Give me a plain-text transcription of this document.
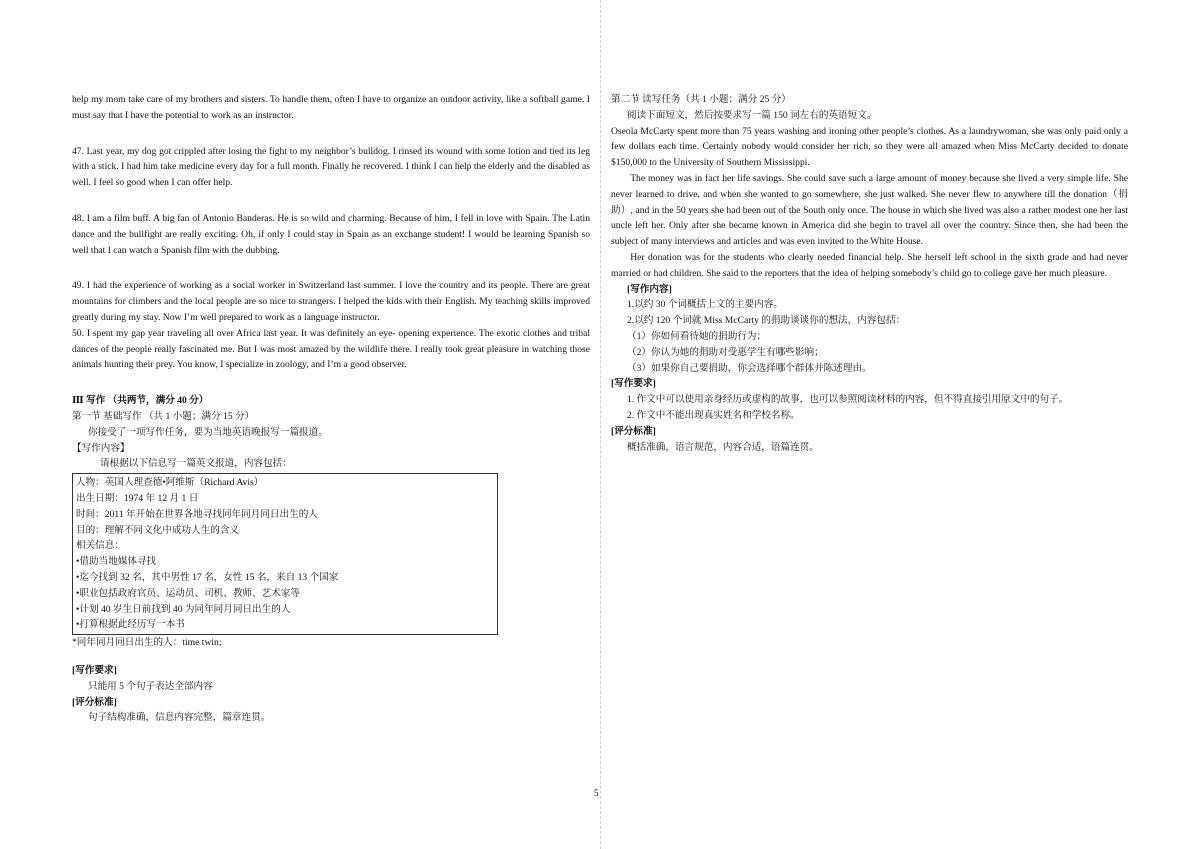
help my mom take care of my brothers and sisters. To handle them, often I have to organize an outdoor activity, like a softball game. I must say that I have the potential to work as an instructor.

47. Last year, my dog got crippled after losing the fight to my neighbor’s bulldog. I rinsed its wound with some lotion and tied its leg with a stick. I had him take medicine every day for a full month. Finally he recovered. I think I can help the elderly and the disabled as well. I feel so good when I can offer help.

48. I am a film buff. A big fan of Antonio Banderas. He is so wild and charming. Because of him, I fell in love with Spain. The Latin dance and the bullfight are really exciting. Oh, if only I could stay in Spain as an exchange student! I would be learning Spanish so well that I can watch a Spanish film with the dubbing.

49. I had the experience of working as a social worker in Switzerland last summer. I love the country and its people. There are great mountains for climbers and the local people are so nice to strangers. I helped the kids with their English. My teaching skills improved greatly during my stay. Now I’m well prepared to work as a language instructor.

50. I spent my gap year traveling all over Africa last year. It was definitely an eye- opening experience. The exotic clothes and tribal dances of the people really fascinated me. But I was most amazed by the wildlife there. I really took great pleasure in watching those animals hunting their prey. You know, I specialize in zoology, and I’m a good observer.

Ⅲ 写作 （共两节，满分 40 分）

第一节 基础写作 （共 1 小题；满分 15 分）

你接受了一项写作任务，要为当地英语晚报写一篇报道。

【写作内容】

请根据以下信息写一篇英文报道，内容包括：

人物：英国人理查德•阿维斯（Richard Avis）

出生日期：1974 年 12 月 1 日

时间：2011 年开始在世界各地寻找同年同月同日出生的人

目的：理解不同文化中成功人生的含义

相关信息：

•借助当地媒体寻找

•迄今找到 32 名，其中男性 17 名，女性 15 名，来自 13 个国家

•职业包括政府官员、运动员、司机、教师、艺术家等

•计划 40 岁生日前找到 40 为同年同月同日出生的人

•打算根据此经历写一本书

*同年同月同日出生的人：time twin;

[写作要求]

只能用 5 个句子表达全部内容

[评分标准]

句子结构准确，信息内容完整，篇章连贯。

第二节 读写任务（共 1 小题；满分 25 分）

阅读下面短文，然后按要求写一篇 150 词左右的英语短文。

Oseola McCarty spent more than 75 years washing and ironing other people’s clothes. As a laundrywoman, she was only paid only a few dollars each time. Certainly nobody would consider her rich, so they were all amazed when Miss McCarty decided to donate $150,000 to the University of Southern Mississippi.

The money was in fact her life savings. She could save such a large amount of money because she lived a very simple life. She never learned to drive, and when she wanted to go somewhere, she just walked. She never flew to anywhere till the donation（捐助）, and in the 50 years she had been out of the South only once. The house in which she lived was also a rather modest one her last uncle left her. Only after she became known in America did she begin to travel all over the country. Since then, she had been the subject of many interviews and articles and was even invited to the White House.

Her donation was for the students who clearly needed financial help. She herself left school in the sixth grade and had never married or had children. She said to the reporters that the idea of helping somebody’s child go to college gave her much pleasure.

[写作内容]

1.以约 30 个词概括上文的主要内容。

2.以约 120 个词就 Miss McCarty 的捐助谈谈你的想法，内容包括：

（1）你如何看待她的捐助行为；

（2）你认为她的捐助对受惠学生有哪些影响；

（3）如果你自己要捐助，你会选择哪个群体并陈述理由。

[写作要求]

1. 作文中可以使用亲身经历或虚构的故事，也可以参照阅读材料的内容，但不得直接引用原文中的句子。

2. 作文中不能出现真实姓名和学校名称。

[评分标准]

概括准确，语言规范，内容合适，语篇连贯。

5
